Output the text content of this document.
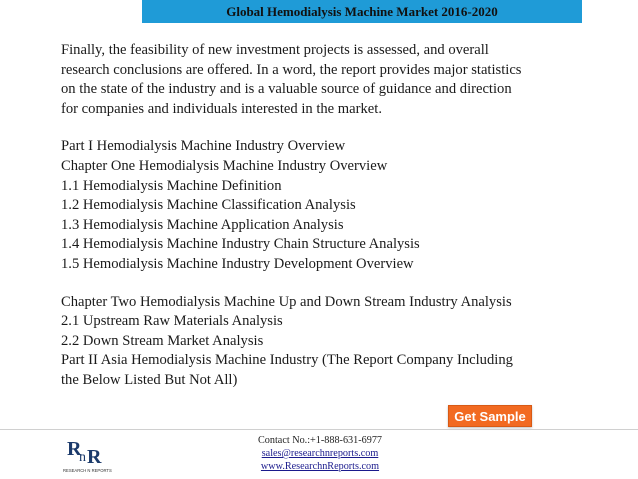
Global Hemodialysis Machine Market 2016-2020

Finally, the feasibility of new investment projects is assessed, and overall

research conclusions are offered. In a word, the report provides major statistics

on the state of the industry and is a valuable source of guidance and direction

for companies and individuals interested in the market.

Part I Hemodialysis Machine Industry Overview

Chapter One Hemodialysis Machine Industry Overview

1.1 Hemodialysis Machine Definition

1.2 Hemodialysis Machine Classification Analysis

1.3 Hemodialysis Machine Application Analysis

1.4 Hemodialysis Machine Industry Chain Structure Analysis

1.5 Hemodialysis Machine Industry Development Overview

Chapter Two Hemodialysis Machine Up and Down Stream Industry Analysis

2.1 Upstream Raw Materials Analysis

2.2 Down Stream Market Analysis

Part II Asia Hemodialysis Machine Industry (The Report Company Including

the Below Listed But Not All)

Get Sample
R
n R
RESEARCH N REPORTS
Contact No.:+1-888-631-6977
sales@researchnreports.com
www.ResearchnReports.com
